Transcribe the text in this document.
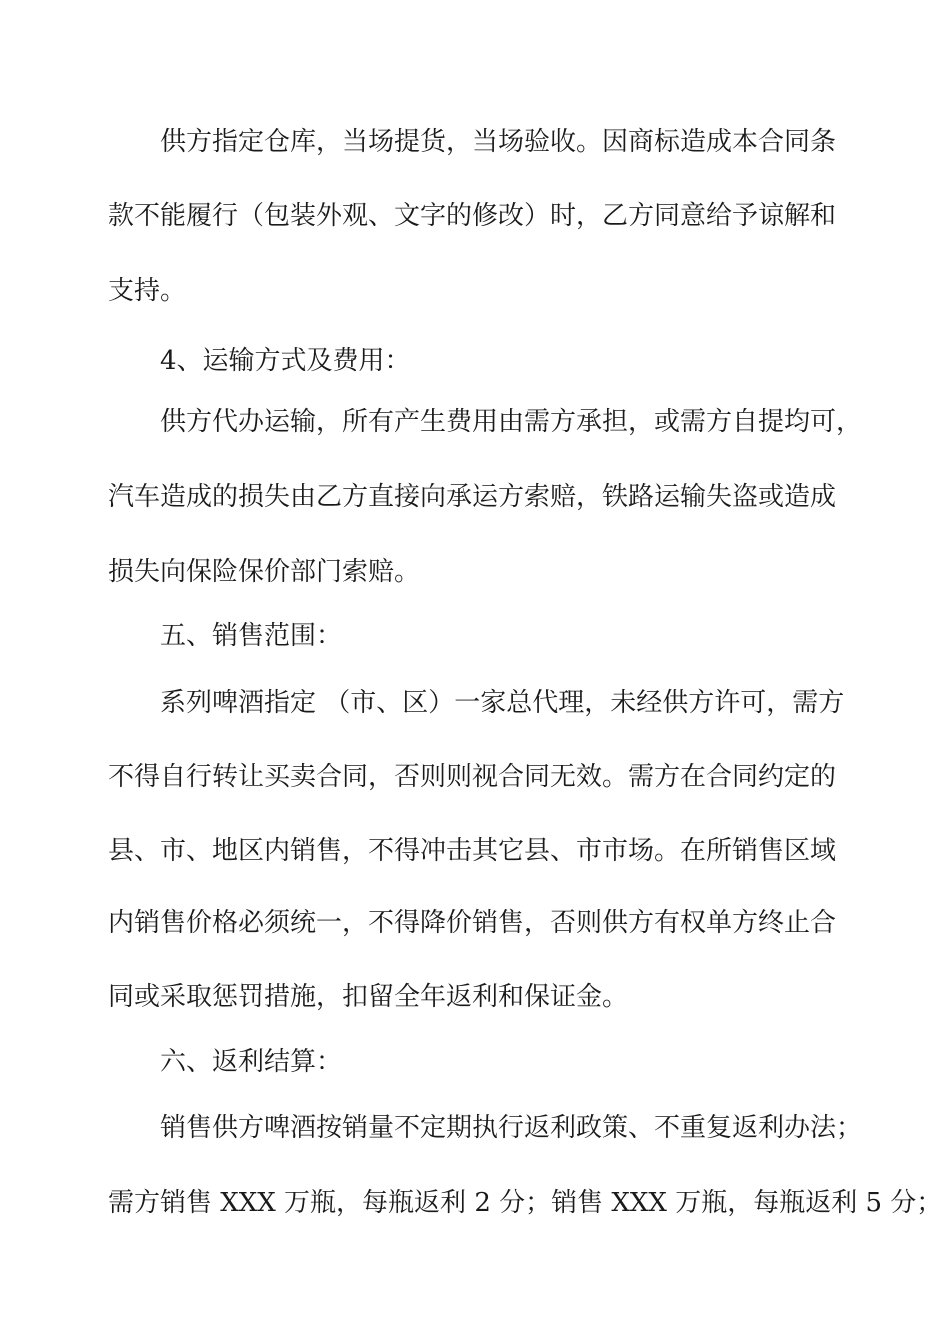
供方指定仓库，当场提货，当场验收。因商标造成本合同条
款不能履行（包装外观、文字的修改）时，乙方同意给予谅解和
支持。
4、运输方式及费用：
供方代办运输，所有产生费用由需方承担，或需方自提均可，
汽车造成的损失由乙方直接向承运方索赔，铁路运输失盗或造成
损失向保险保价部门索赔。
五、销售范围：
系列啤酒指定 （市、区）一家总代理，未经供方许可，需方
不得自行转让买卖合同，否则则视合同无效。需方在合同约定的
县、市、地区内销售，不得冲击其它县、市市场。在所销售区域
内销售价格必须统一，不得降价销售，否则供方有权单方终止合
同或采取惩罚措施，扣留全年返利和保证金。
六、返利结算：
销售供方啤酒按销量不定期执行返利政策、不重复返利办法；
需方销售 XXX 万瓶，每瓶返利 2 分；销售 XXX 万瓶，每瓶返利 5 分；
